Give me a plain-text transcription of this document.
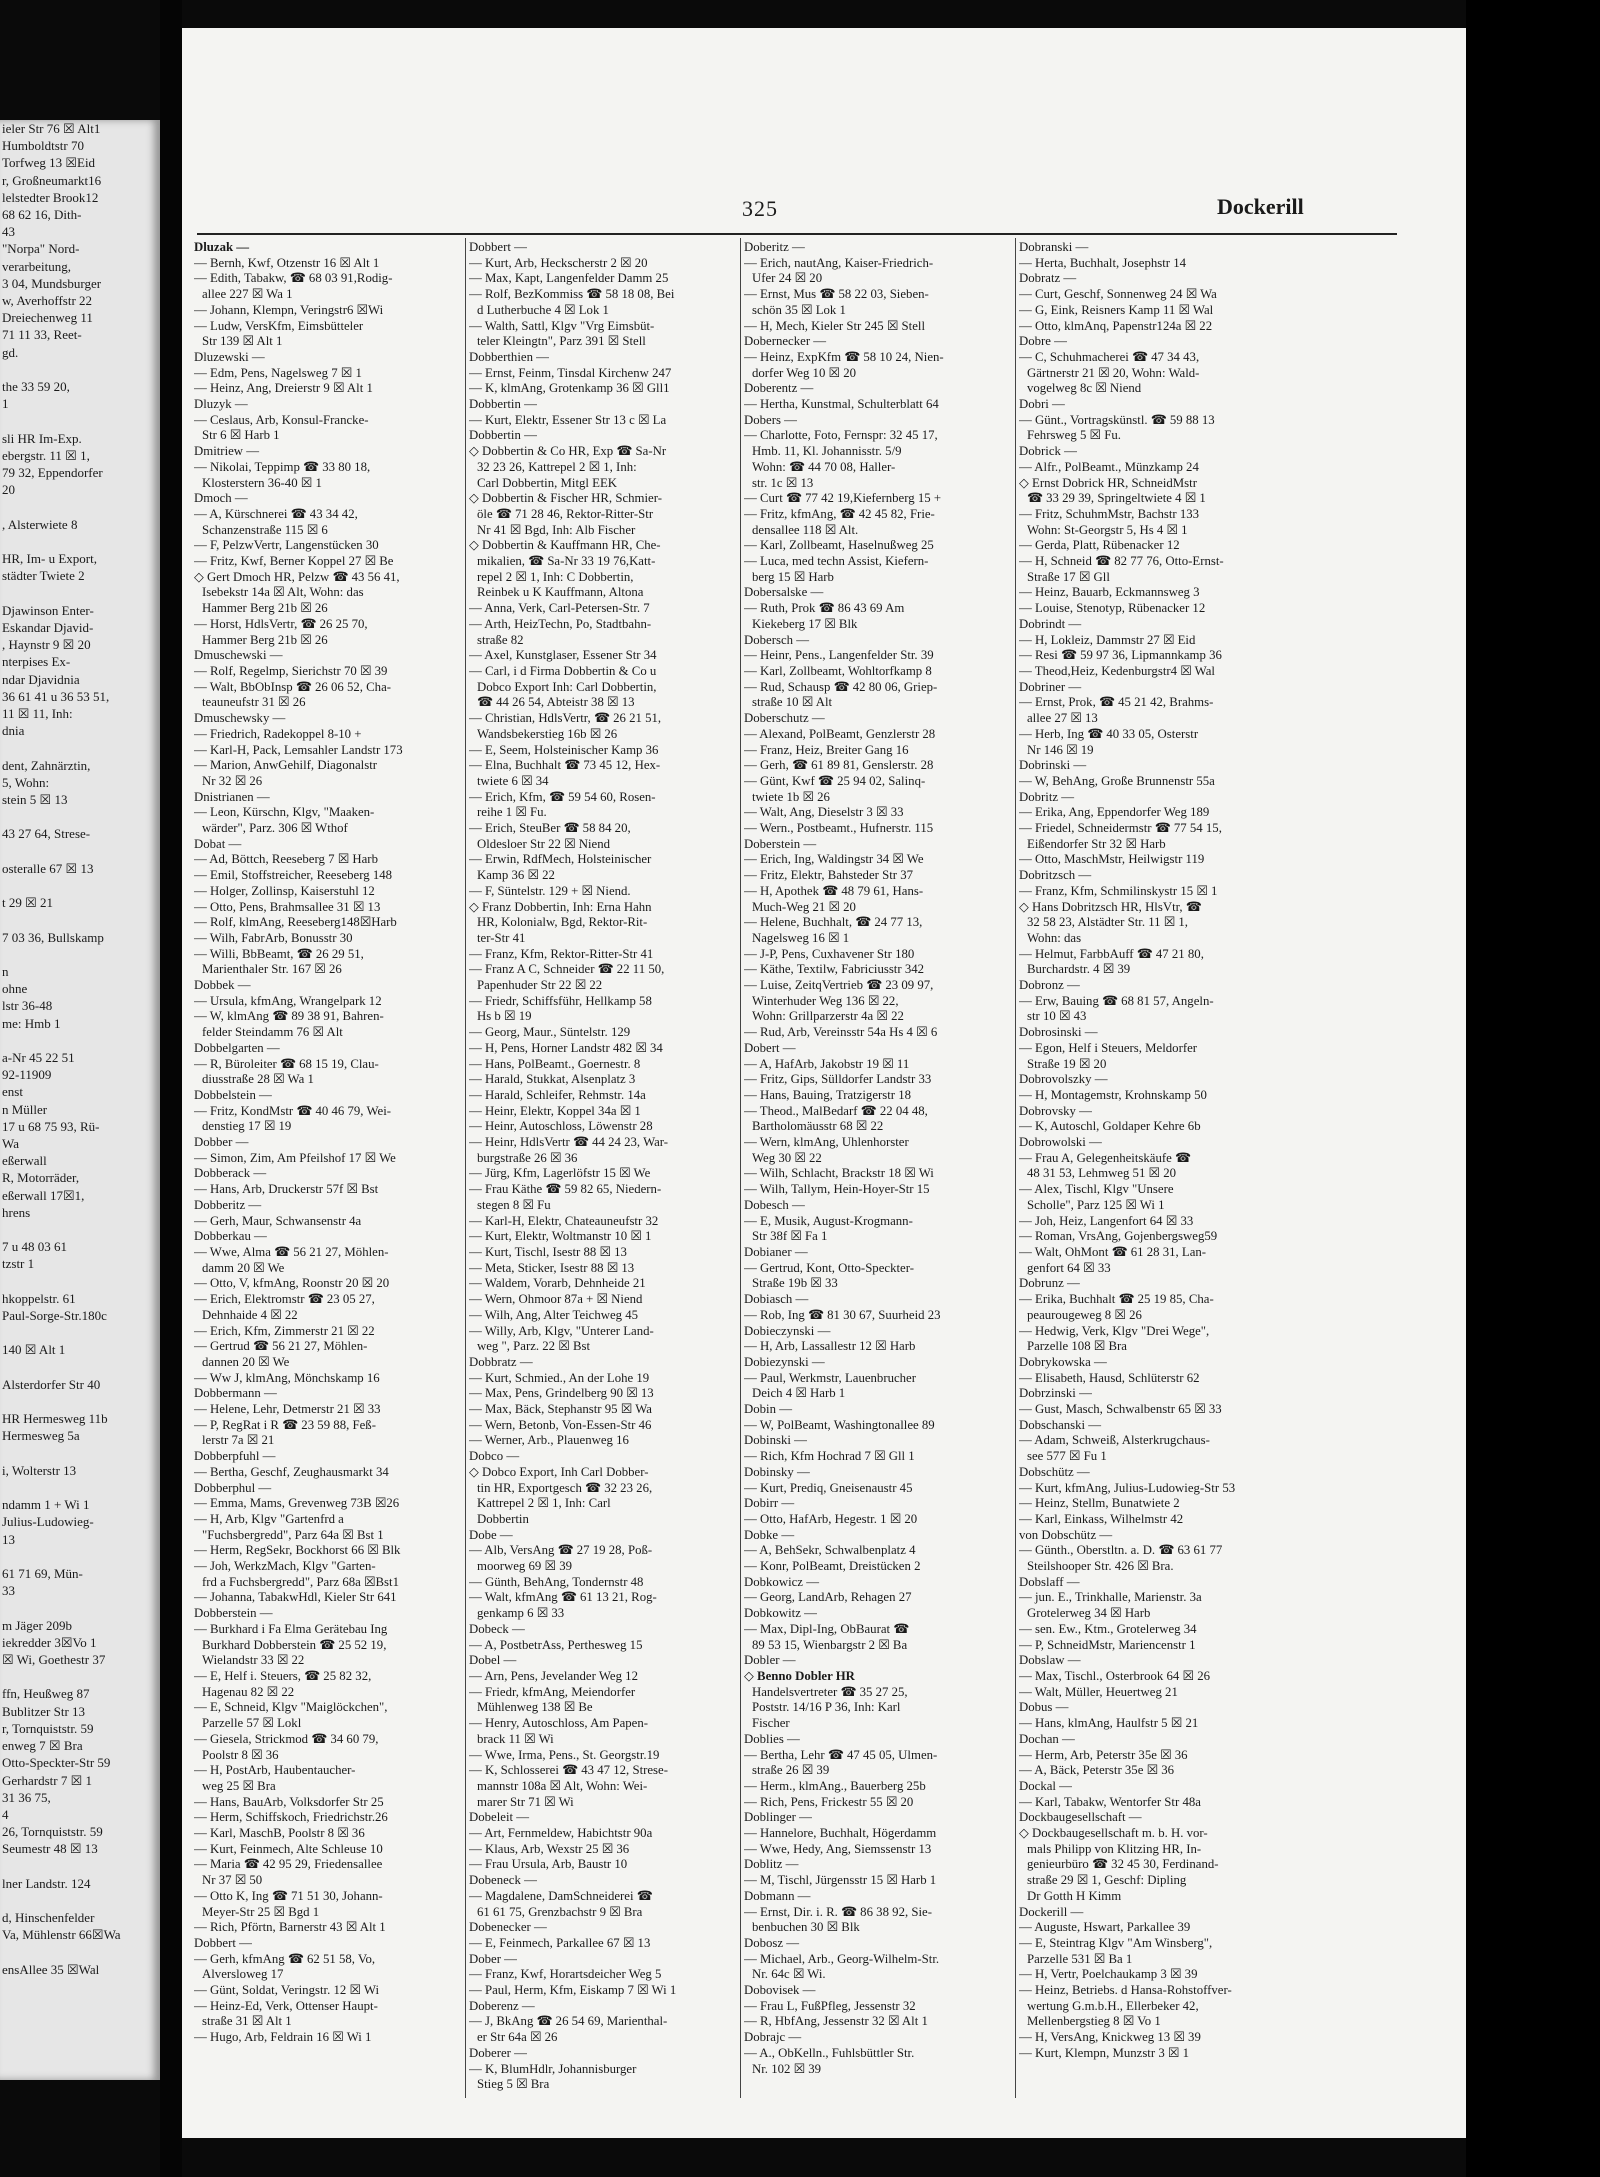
ieler Str 76 ☒ Alt1
Humboldtstr 70
Torfweg 13 ☒Eid
r, Großneumarkt16
lelstedter Brook12
68 62 16, Dith-
43
"Norpa" Nord-
verarbeitung,
3 04, Mundsburger
w, Averhoffstr 22
Dreiechenweg 11
71 11 33, Reet-
gd.

the 33 59 20,
1

sli HR Im-Exp.
ebergstr. 11 ☒ 1,
79 32, Eppendorfer
20

, Alsterwiete 8

HR, Im- u Export,
städter Twiete 2

Djawinson Enter-
Eskandar Djavid-
, Haynstr 9 ☒ 20
nterpises Ex-
ndar Djavidnia
36 61 41 u 36 53 51,
11 ☒ 11, Inh:
dnia

dent, Zahnärztin,
5, Wohn:
stein 5 ☒ 13

43 27 64, Strese-

osteralle 67 ☒ 13

t 29 ☒ 21

7 03 36, Bullskamp

n
ohne
lstr 36-48
me: Hmb 1

a-Nr 45 22 51
92-11909
enst
n Müller
17 u 68 75 93, Rü-
Wa
eßerwall
R, Motorräder,
eßerwall 17☒1,
hrens

7 u 48 03 61
tzstr 1

hkoppelstr. 61
Paul-Sorge-Str.180c

140 ☒ Alt 1

Alsterdorfer Str 40

HR Hermesweg 11b
Hermesweg 5a

i, Wolterstr 13

ndamm 1 + Wi 1
Julius-Ludowieg-
13

61 71 69, Mün-
33

m Jäger 209b
iekredder 3☒Vo 1
☒ Wi, Goethestr 37

ffn, Heußweg 87
Bublitzer Str 13
r, Tornquiststr. 59
enweg 7 ☒ Bra
Otto-Speckter-Str 59
Gerhardstr 7 ☒ 1
31 36 75,
4
26, Tornquiststr. 59
Seumestr 48 ☒ 13

lner Landstr. 124

d, Hinschenfelder
Va, Mühlenstr 66☒Wa

ensAllee 35 ☒Wal
325	Dockerill
Dluzak —
— Bernh, Kwf, Otzenstr 16 ☒ Alt 1
— Edith, Tabakw, ☎ 68 03 91,Rodig-
allee 227 ☒ Wa 1
— Johann, Klempn, Veringstr6 ☒Wi
— Ludw, VersKfm, Eimsbütteler
Str 139 ☒ Alt 1
Dluzewski —
— Edm, Pens, Nagelsweg 7 ☒ 1
— Heinz, Ang, Dreierstr 9 ☒ Alt 1
Dluzyk —
— Ceslaus, Arb, Konsul-Francke-
Str 6 ☒ Harb 1
Dmitriew —
— Nikolai, Teppimp ☎ 33 80 18,
Klosterstern 36-40 ☒ 1
Dmoch —
— A, Kürschnerei ☎ 43 34 42,
Schanzenstraße 115 ☒ 6
— F, PelzwVertr, Langenstücken 30
— Fritz, Kwf, Berner Koppel 27 ☒ Be
◇ Gert Dmoch HR, Pelzw ☎ 43 56 41,
Isebekstr 14a ☒ Alt, Wohn: das
Hammer Berg 21b ☒ 26
— Horst, HdlsVertr, ☎ 26 25 70,
Hammer Berg 21b ☒ 26
Dmuschewski —
— Rolf, Regelmp, Sierichstr 70 ☒ 39
— Walt, BbObInsp ☎ 26 06 52, Cha-
teauneufstr 31 ☒ 26
Dmuschewsky —
— Friedrich, Radekoppel 8-10 +
— Karl-H, Pack, Lemsahler Landstr 173
— Marion, AnwGehilf, Diagonalstr
Nr 32 ☒ 26
Dnistrianen —
— Leon, Kürschn, Klgv, "Maaken-
wärder", Parz. 306 ☒ Wthof
Dobat —
— Ad, Böttch, Reeseberg 7 ☒ Harb
— Emil, Stoffstreicher, Reeseberg 148
— Holger, Zollinsp, Kaiserstuhl 12
— Otto, Pens, Brahmsallee 31 ☒ 13
— Rolf, klmAng, Reeseberg148☒Harb
— Wilh, FabrArb, Bonusstr 30
— Willi, BbBeamt, ☎ 26 29 51,
Marienthaler Str. 167 ☒ 26
Dobbek —
— Ursula, kfmAng, Wrangelpark 12
— W, klmAng ☎ 89 38 91, Bahren-
felder Steindamm 76 ☒ Alt
Dobbelgarten —
— R, Büroleiter ☎ 68 15 19, Clau-
diusstraße 28 ☒ Wa 1
Dobbelstein —
— Fritz, KondMstr ☎ 40 46 79, Wei-
denstieg 17 ☒ 19
Dobber —
— Simon, Zim, Am Pfeilshof 17 ☒ We
Dobberack —
— Hans, Arb, Druckerstr 57f ☒ Bst
Dobberitz —
— Gerh, Maur, Schwansenstr 4a
Dobberkau —
— Wwe, Alma ☎ 56 21 27, Möhlen-
damm 20 ☒ We
— Otto, V, kfmAng, Roonstr 20 ☒ 20
— Erich, Elektromstr ☎ 23 05 27,
Dehnhaide 4 ☒ 22
— Erich, Kfm, Zimmerstr 21 ☒ 22
— Gertrud ☎ 56 21 27, Möhlen-
dannen 20 ☒ We
— Ww J, klmAng, Mönchskamp 16
Dobbermann —
— Helene, Lehr, Detmerstr 21 ☒ 33
— P, RegRat i R ☎ 23 59 88, Feß-
lerstr 7a ☒ 21
Dobberpfuhl —
— Bertha, Geschf, Zeughausmarkt 34
Dobberphul —
— Emma, Mams, Grevenweg 73B ☒26
— H, Arb, Klgv "Gartenfrd a
"Fuchsbergredd", Parz 64a ☒ Bst 1
— Herm, RegSekr, Bockhorst 66 ☒ Blk
— Joh, WerkzMach, Klgv "Garten-
frd a Fuchsbergredd", Parz 68a ☒Bst1
— Johanna, TabakwHdl, Kieler Str 641
Dobberstein —
— Burkhard i Fa Elma Gerätebau Ing
Burkhard Dobberstein ☎ 25 52 19,
Wielandstr 33 ☒ 22
— E, Helf i. Steuers, ☎ 25 82 32,
Hagenau 82 ☒ 22
— E, Schneid, Klgv "Maiglöckchen",
Parzelle 57 ☒ Lokl
— Giesela, Strickmod ☎ 34 60 79,
Poolstr 8 ☒ 36
— H, PostArb, Haubentaucher-
weg 25 ☒ Bra
— Hans, BauArb, Volksdorfer Str 25
— Herm, Schiffskoch, Friedrichstr.26
— Karl, MaschB, Poolstr 8 ☒ 36
— Kurt, Feinmech, Alte Schleuse 10
— Maria ☎ 42 95 29, Friedensallee
Nr 37 ☒ 50
— Otto K, Ing ☎ 71 51 30, Johann-
Meyer-Str 25 ☒ Bgd 1
— Rich, Pförtn, Barnerstr 43 ☒ Alt 1
Dobbert —
— Gerh, kfmAng ☎ 62 51 58, Vo,
Alversloweg 17
— Günt, Soldat, Veringstr. 12 ☒ Wi
— Heinz-Ed, Verk, Ottenser Haupt-
straße 31 ☒ Alt 1
— Hugo, Arb, Feldrain 16 ☒ Wi 1
Dobbert —
— Kurt, Arb, Heckscherstr 2 ☒ 20
— Max, Kapt, Langenfelder Damm 25
— Rolf, BezKommiss ☎ 58 18 08, Bei
d Lutherbuche 4 ☒ Lok 1
— Walth, Sattl, Klgv "Vrg Eimsbüt-
teler Kleingtn", Parz 391 ☒ Stell
Dobberthien —
— Ernst, Feinm, Tinsdal Kirchenw 247
— K, klmAng, Grotenkamp 36 ☒ Gll1
Dobbertin —
— Kurt, Elektr, Essener Str 13 c ☒ La
Dobbertin —
◇ Dobbertin & Co HR, Exp ☎ Sa-Nr
32 23 26, Kattrepel 2 ☒ 1, Inh:
Carl Dobbertin, Mitgl EEK
◇ Dobbertin & Fischer HR, Schmier-
öle ☎ 71 28 46, Rektor-Ritter-Str
Nr 41 ☒ Bgd, Inh: Alb Fischer
◇ Dobbertin & Kauffmann HR, Che-
mikalien, ☎ Sa-Nr 33 19 76,Katt-
repel 2 ☒ 1, Inh: C Dobbertin,
Reinbek u K Kauffmann, Altona
— Anna, Verk, Carl-Petersen-Str. 7
— Arth, HeizTechn, Po, Stadtbahn-
straße 82
— Axel, Kunstglaser, Essener Str 34
— Carl, i d Firma Dobbertin & Co u
Dobco Export Inh: Carl Dobbertin,
☎ 44 26 54, Abteistr 38 ☒ 13
— Christian, HdlsVertr, ☎ 26 21 51,
Wandsbekerstieg 16b ☒ 26
— E, Seem, Holsteinischer Kamp 36
— Elna, Buchhalt ☎ 73 45 12, Hex-
twiete 6 ☒ 34
— Erich, Kfm, ☎ 59 54 60, Rosen-
reihe 1 ☒ Fu.
— Erich, SteuBer ☎ 58 84 20,
Oldesloer Str 22 ☒ Niend
— Erwin, RdfMech, Holsteinischer
Kamp 36 ☒ 22
— F, Süntelstr. 129 + ☒ Niend.
◇ Franz Dobbertin, Inh: Erna Hahn
HR, Kolonialw, Bgd, Rektor-Rit-
ter-Str 41
— Franz, Kfm, Rektor-Ritter-Str 41
— Franz A C, Schneider ☎ 22 11 50,
Papenhuder Str 22 ☒ 22
— Friedr, Schiffsführ, Hellkamp 58
Hs b ☒ 19
— Georg, Maur., Süntelstr. 129
— H, Pens, Horner Landstr 482 ☒ 34
— Hans, PolBeamt., Goernestr. 8
— Harald, Stukkat, Alsenplatz 3
— Harald, Schleifer, Rehmstr. 14a
— Heinr, Elektr, Koppel 34a ☒ 1
— Heinr, Autoschloss, Löwenstr 28
— Heinr, HdlsVertr ☎ 44 24 23, War-
burgstraße 26 ☒ 36
— Jürg, Kfm, Lagerlöfstr 15 ☒ We
— Frau Käthe ☎ 59 82 65, Niedern-
stegen 8 ☒ Fu
— Karl-H, Elektr, Chateauneufstr 32
— Kurt, Elektr, Woltmanstr 10 ☒ 1
— Kurt, Tischl, Isestr 88 ☒ 13
— Meta, Sticker, Isestr 88 ☒ 13
— Waldem, Vorarb, Dehnheide 21
— Wern, Ohmoor 87a + ☒ Niend
— Wilh, Ang, Alter Teichweg 45
— Willy, Arb, Klgv, "Unterer Land-
weg ", Parz. 22 ☒ Bst
Dobbratz —
— Kurt, Schmied., An der Lohe 19
— Max, Pens, Grindelberg 90 ☒ 13
— Max, Bäck, Stephanstr 95 ☒ Wa
— Wern, Betonb, Von-Essen-Str 46
— Werner, Arb., Plauenweg 16
Dobco —
◇ Dobco Export, Inh Carl Dobber-
tin HR, Exportgesch ☎ 32 23 26,
Kattrepel 2 ☒ 1, Inh: Carl
Dobbertin
Dobe —
— Alb, VersAng ☎ 27 19 28, Poß-
moorweg 69 ☒ 39
— Günth, BehAng, Tondernstr 48
— Walt, kfmAng ☎ 61 13 21, Rog-
genkamp 6 ☒ 33
Dobeck —
— A, PostbetrAss, Perthesweg 15
Dobel —
— Arn, Pens, Jevelander Weg 12
— Friedr, kfmAng, Meiendorfer
Mühlenweg 138 ☒ Be
— Henry, Autoschloss, Am Papen-
brack 11 ☒ Wi
— Wwe, Irma, Pens., St. Georgstr.19
— K, Schlosserei ☎ 43 47 12, Strese-
mannstr 108a ☒ Alt, Wohn: Wei-
marer Str 71 ☒ Wi
Dobeleit —
— Art, Fernmeldew, Habichtstr 90a
— Klaus, Arb, Wexstr 25 ☒ 36
— Frau Ursula, Arb, Baustr 10
Dobeneck —
— Magdalene, DamSchneiderei ☎
61 61 75, Grenzbachstr 9 ☒ Bra
Dobenecker —
— E, Feinmech, Parkallee 67 ☒ 13
Dober —
— Franz, Kwf, Horartsdeicher Weg 5
— Paul, Herm, Kfm, Eiskamp 7 ☒ Wi 1
Doberenz —
— J, BkAng ☎ 26 54 69, Marienthal-
er Str 64a ☒ 26
Doberer —
— K, BlumHdlr, Johannisburger
Stieg 5 ☒ Bra
Doberitz —
— Erich, nautAng, Kaiser-Friedrich-
Ufer 24 ☒ 20
— Ernst, Mus ☎ 58 22 03, Sieben-
schön 35 ☒ Lok 1
— H, Mech, Kieler Str 245 ☒ Stell
Dobernecker —
— Heinz, ExpKfm ☎ 58 10 24, Nien-
dorfer Weg 10 ☒ 20
Doberentz —
— Hertha, Kunstmal, Schulterblatt 64
Dobers —
— Charlotte, Foto, Fernspr: 32 45 17,
Hmb. 11, Kl. Johannisstr. 5/9
Wohn: ☎ 44 70 08, Haller-
str. 1c ☒ 13
— Curt ☎ 77 42 19,Kiefernberg 15 +
— Fritz, kfmAng, ☎ 42 45 82, Frie-
densallee 118 ☒ Alt.
— Karl, Zollbeamt, Haselnußweg 25
— Luca, med techn Assist, Kiefern-
berg 15 ☒ Harb
Dobersalske —
— Ruth, Prok ☎ 86 43 69 Am
Kiekeberg 17 ☒ Blk
Dobersch —
— Heinr, Pens., Langenfelder Str. 39
— Karl, Zollbeamt, Wohltorfkamp 8
— Rud, Schausp ☎ 42 80 06, Griep-
straße 10 ☒ Alt
Doberschutz —
— Alexand, PolBeamt, Genzlerstr 28
— Franz, Heiz, Breiter Gang 16
— Gerh, ☎ 61 89 81, Genslerstr. 28
— Günt, Kwf ☎ 25 94 02, Salinq-
twiete 1b ☒ 26
— Walt, Ang, Dieselstr 3 ☒ 33
— Wern., Postbeamt., Hufnerstr. 115
Doberstein —
— Erich, Ing, Waldingstr 34 ☒ We
— Fritz, Elektr, Bahsteder Str 37
— H, Apothek ☎ 48 79 61, Hans-
Much-Weg 21 ☒ 20
— Helene, Buchhalt, ☎ 24 77 13,
Nagelsweg 16 ☒ 1
— J-P, Pens, Cuxhavener Str 180
— Käthe, Textilw, Fabriciusstr 342
— Luise, ZeitqVertrieb ☎ 23 09 97,
Winterhuder Weg 136 ☒ 22,
Wohn: Grillparzerstr 4a ☒ 22
— Rud, Arb, Vereinsstr 54a Hs 4 ☒ 6
Dobert —
— A, HafArb, Jakobstr 19 ☒ 11
— Fritz, Gips, Sülldorfer Landstr 33
— Hans, Bauing, Tratzigerstr 18
— Theod., MalBedarf ☎ 22 04 48,
Bartholomäusstr 68 ☒ 22
— Wern, klmAng, Uhlenhorster
Weg 30 ☒ 22
— Wilh, Schlacht, Brackstr 18 ☒ Wi
— Wilh, Tallym, Hein-Hoyer-Str 15
Dobesch —
— E, Musik, August-Krogmann-
Str 38f ☒ Fa 1
Dobianer —
— Gertrud, Kont, Otto-Speckter-
Straße 19b ☒ 33
Dobiasch —
— Rob, Ing ☎ 81 30 67, Suurheid 23
Dobieczynski —
— H, Arb, Lassallestr 12 ☒ Harb
Dobiezynski —
— Paul, Werkmstr, Lauenbrucher
Deich 4 ☒ Harb 1
Dobin —
— W, PolBeamt, Washingtonallee 89
Dobinski —
— Rich, Kfm Hochrad 7 ☒ Gll 1
Dobinsky —
— Kurt, Prediq, Gneisenaustr 45
Dobirr —
— Otto, HafArb, Hegestr. 1 ☒ 20
Dobke —
— A, BehSekr, Schwalbenplatz 4
— Konr, PolBeamt, Dreistücken 2
Dobkowicz —
— Georg, LandArb, Rehagen 27
Dobkowitz —
— Max, Dipl-Ing, ObBaurat ☎
89 53 15, Wienbargstr 2 ☒ Ba
Dobler —
◇ Benno Dobler HR
Handelsvertreter ☎ 35 27 25,
Poststr. 14/16 P 36, Inh: Karl
Fischer
Doblies —
— Bertha, Lehr ☎ 47 45 05, Ulmen-
straße 26 ☒ 39
— Herm., klmAng., Bauerberg 25b
— Rich, Pens, Frickestr 55 ☒ 20
Doblinger —
— Hannelore, Buchhalt, Högerdamm
— Wwe, Hedy, Ang, Siemssenstr 13
Doblitz —
— M, Tischl, Jürgensstr 15 ☒ Harb 1
Dobmann —
— Ernst, Dir. i. R. ☎ 86 38 92, Sie-
benbuchen 30 ☒ Blk
Dobosz —
— Michael, Arb., Georg-Wilhelm-Str.
Nr. 64c ☒ Wi.
Dobovisek —
— Frau L, FußPfleg, Jessenstr 32
— R, HbfAng, Jessenstr 32 ☒ Alt 1
Dobrajc —
— A., ObKelln., Fuhlsbüttler Str.
Nr. 102 ☒ 39
Dobranski —
— Herta, Buchhalt, Josephstr 14
Dobratz —
— Curt, Geschf, Sonnenweg 24 ☒ Wa
— G, Eink, Reisners Kamp 11 ☒ Wal
— Otto, klmAnq, Papenstr124a ☒ 22
Dobre —
— C, Schuhmacherei ☎ 47 34 43,
Gärtnerstr 21 ☒ 20, Wohn: Wald-
vogelweg 8c ☒ Niend
Dobri —
— Günt., Vortragskünstl. ☎ 59 88 13
Fehrsweg 5 ☒ Fu.
Dobrick —
— Alfr., PolBeamt., Münzkamp 24
◇ Ernst Dobrick HR, SchneidMstr
☎ 33 29 39, Springeltwiete 4 ☒ 1
— Fritz, SchuhmMstr, Bachstr 133
Wohn: St-Georgstr 5, Hs 4 ☒ 1
— Gerda, Platt, Rübenacker 12
— H, Schneid ☎ 82 77 76, Otto-Ernst-
Straße 17 ☒ Gll
— Heinz, Bauarb, Eckmannsweg 3
— Louise, Stenotyp, Rübenacker 12
Dobrindt —
— H, Lokleiz, Dammstr 27 ☒ Eid
— Resi ☎ 59 97 36, Lipmannkamp 36
— Theod,Heiz, Kedenburgstr4 ☒ Wal
Dobriner —
— Ernst, Prok, ☎ 45 21 42, Brahms-
allee 27 ☒ 13
— Herb, Ing ☎ 40 33 05, Osterstr
Nr 146 ☒ 19
Dobrinski —
— W, BehAng, Große Brunnenstr 55a
Dobritz —
— Erika, Ang, Eppendorfer Weg 189
— Friedel, Schneidermstr ☎ 77 54 15,
Eißendorfer Str 32 ☒ Harb
— Otto, MaschMstr, Heilwigstr 119
Dobritzsch —
— Franz, Kfm, Schmilinskystr 15 ☒ 1
◇ Hans Dobritzsch HR, HlsVtr, ☎
32 58 23, Alstädter Str. 11 ☒ 1,
Wohn: das
— Helmut, FarbbAuff ☎ 47 21 80,
Burchardstr. 4 ☒ 39
Dobronz —
— Erw, Bauing ☎ 68 81 57, Angeln-
str 10 ☒ 43
Dobrosinski —
— Egon, Helf i Steuers, Meldorfer
Straße 19 ☒ 20
Dobrovolszky —
— H, Montagemstr, Krohnskamp 50
Dobrovsky —
— K, Autoschl, Goldaper Kehre 6b
Dobrowolski —
— Frau A, Gelegenheitskäufe ☎
48 31 53, Lehmweg 51 ☒ 20
— Alex, Tischl, Klgv "Unsere
Scholle", Parz 125 ☒ Wi 1
— Joh, Heiz, Langenfort 64 ☒ 33
— Roman, VrsAng, Gojenbergsweg59
— Walt, OhMont ☎ 61 28 31, Lan-
genfort 64 ☒ 33
Dobrunz —
— Erika, Buchhalt ☎ 25 19 85, Cha-
peaurougeweg 8 ☒ 26
— Hedwig, Verk, Klgv "Drei Wege",
Parzelle 108 ☒ Bra
Dobrykowska —
— Elisabeth, Hausd, Schlüterstr 62
Dobrzinski —
— Gust, Masch, Schwalbenstr 65 ☒ 33
Dobschanski —
— Adam, Schweiß, Alsterkrugchaus-
see 577 ☒ Fu 1
Dobschütz —
— Kurt, kfmAng, Julius-Ludowieg-Str 53
— Heinz, Stellm, Bunatwiete 2
— Karl, Einkass, Wilhelmstr 42
von Dobschütz —
— Günth., Oberstltn. a. D. ☎ 63 61 77
Steilshooper Str. 426 ☒ Bra.
Dobslaff —
— jun. E., Trinkhalle, Marienstr. 3a
Grotelerweg 34 ☒ Harb
— sen. Ew., Ktm., Grotelerweg 34
— P, SchneidMstr, Mariencenstr 1
Dobslaw —
— Max, Tischl., Osterbrook 64 ☒ 26
— Walt, Müller, Heuertweg 21
Dobus —
— Hans, klmAng, Haulfstr 5 ☒ 21
Dochan —
— Herm, Arb, Peterstr 35e ☒ 36
— A, Bäck, Peterstr 35e ☒ 36
Dockal —
— Karl, Tabakw, Wentorfer Str 48a
Dockbaugesellschaft —
◇ Dockbaugesellschaft m. b. H. vor-
mals Philipp von Klitzing HR, In-
genieurbüro ☎ 32 45 30, Ferdinand-
straße 29 ☒ 1, Geschf: Dipling
Dr Gotth H Kimm
Dockerill —
— Auguste, Hswart, Parkallee 39
— E, Steintrag Klgv "Am Winsberg",
Parzelle 531 ☒ Ba 1
— H, Vertr, Poelchaukamp 3 ☒ 39
— Heinz, Betriebs. d Hansa-Rohstoffver-
wertung G.m.b.H., Ellerbeker 42,
Mellenbergstieg 8 ☒ Vo 1
— H, VersAng, Knickweg 13 ☒ 39
— Kurt, Klempn, Munzstr 3 ☒ 1
